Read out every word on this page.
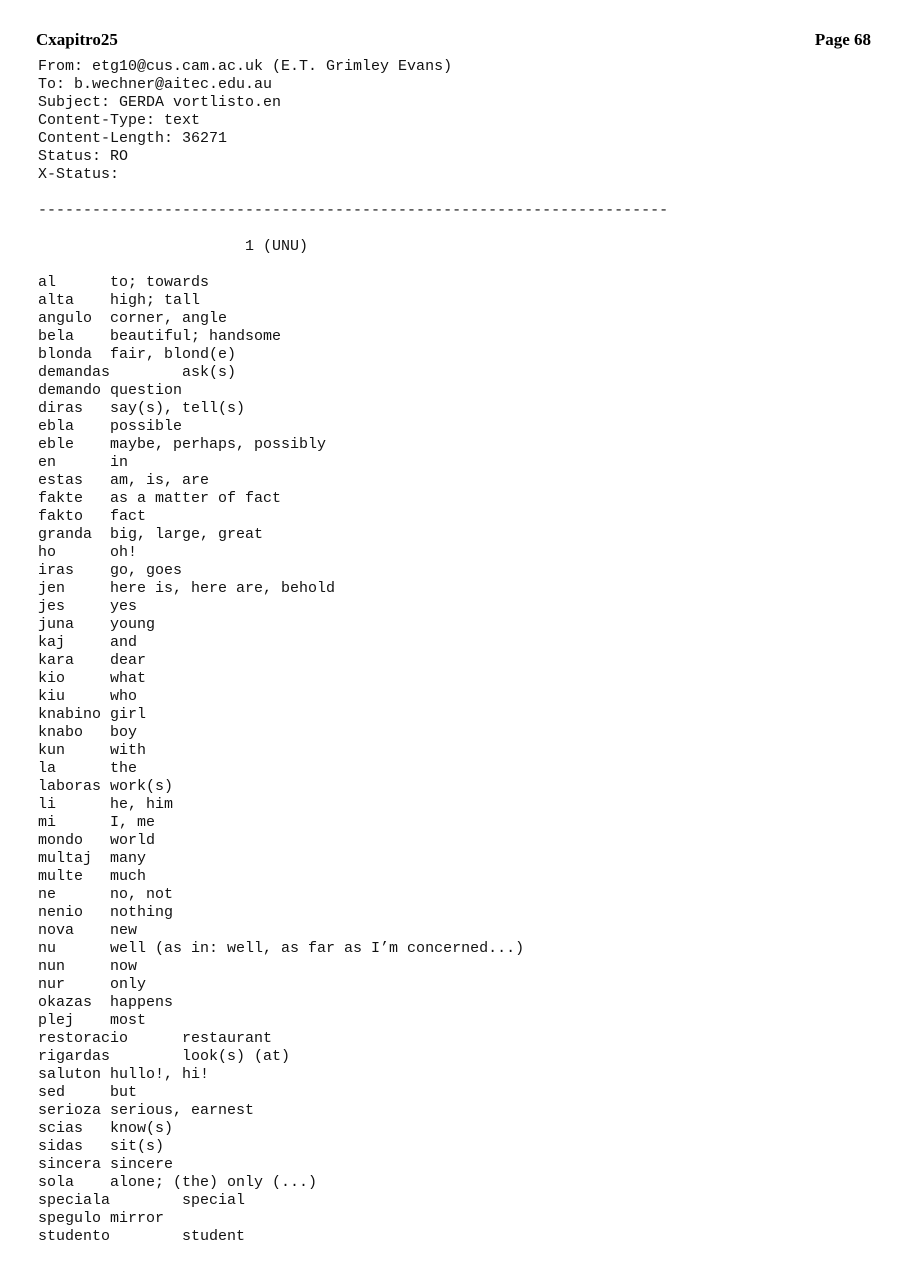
Cxapitro25	Page 68
From: etg10@cus.cam.ac.uk (E.T. Grimley Evans)
To: b.wechner@aitec.edu.au
Subject: GERDA vortlisto.en
Content-Type: text
Content-Length: 36271
Status: RO
X-Status:
----------------------------------------------------------------------
1 (UNU)
al      to; towards
alta    high; tall
angulo  corner, angle
bela    beautiful; handsome
blonda  fair, blond(e)
demandas        ask(s)
demando question
diras   say(s), tell(s)
ebla    possible
eble    maybe, perhaps, possibly
en      in
estas   am, is, are
fakte   as a matter of fact
fakto   fact
granda  big, large, great
ho      oh!
iras    go, goes
jen     here is, here are, behold
jes     yes
juna    young
kaj     and
kara    dear
kio     what
kiu     who
knabino girl
knabo   boy
kun     with
la      the
laboras work(s)
li      he, him
mi      I, me
mondo   world
multaj  many
multe   much
ne      no, not
nenio   nothing
nova    new
nu      well (as in: well, as far as I’m concerned...)
nun     now
nur     only
okazas  happens
plej    most
restoracio      restaurant
rigardas        look(s) (at)
saluton hullo!, hi!
sed     but
serioza serious, earnest
scias   know(s)
sidas   sit(s)
sincera sincere
sola    alone; (the) only (...)
speciala        special
spegulo mirror
studento        student
